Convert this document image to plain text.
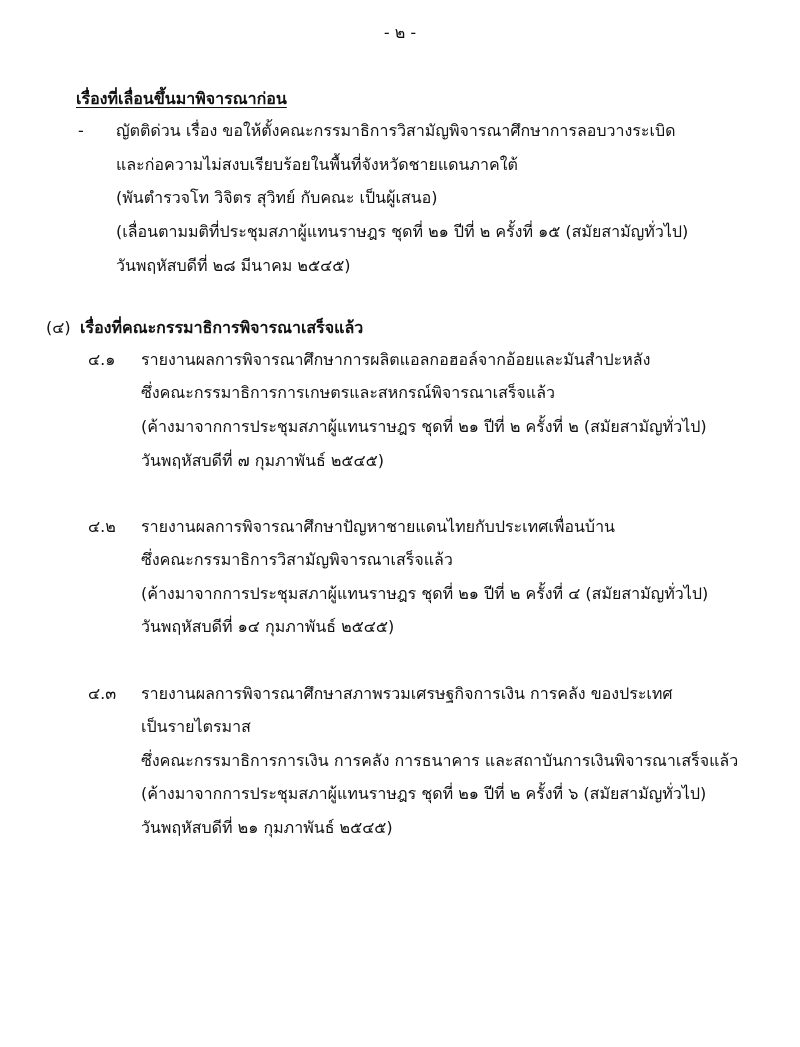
- ๒ -
เรื่องที่เลื่อนขึ้นมาพิจารณาก่อน
- ญัตติด่วน เรื่อง ขอให้ตั้งคณะกรรมาธิการวิสามัญพิจารณาศึกษาการลอบวางระเบิด
และก่อความไม่สงบเรียบร้อยในพื้นที่จังหวัดชายแดนภาคใต้
(พันตำรวจโท วิจิตร สุวิทย์ กับคณะ เป็นผู้เสนอ)
(เลื่อนตามมติที่ประชุมสภาผู้แทนราษฎร ชุดที่ ๒๑ ปีที่ ๒ ครั้งที่ ๑๕ (สมัยสามัญทั่วไป)
วันพฤหัสบดีที่ ๒๘ มีนาคม ๒๕๔๕)
(๔) เรื่องที่คณะกรรมาธิการพิจารณาเสร็จแล้ว
๔.๑ รายงานผลการพิจารณาศึกษาการผลิตแอลกอฮอล์จากอ้อยและมันสำปะหลัง
ซึ่งคณะกรรมาธิการการเกษตรและสหกรณ์พิจารณาเสร็จแล้ว
(ค้างมาจากการประชุมสภาผู้แทนราษฎร ชุดที่ ๒๑ ปีที่ ๒ ครั้งที่ ๒ (สมัยสามัญทั่วไป)
วันพฤหัสบดีที่ ๗ กุมภาพันธ์ ๒๕๔๕)
๔.๒ รายงานผลการพิจารณาศึกษาปัญหาชายแดนไทยกับประเทศเพื่อนบ้าน
ซึ่งคณะกรรมาธิการวิสามัญพิจารณาเสร็จแล้ว
(ค้างมาจากการประชุมสภาผู้แทนราษฎร ชุดที่ ๒๑ ปีที่ ๒ ครั้งที่ ๔ (สมัยสามัญทั่วไป)
วันพฤหัสบดีที่ ๑๔ กุมภาพันธ์ ๒๕๔๕)
๔.๓ รายงานผลการพิจารณาศึกษาสภาพรวมเศรษฐกิจการเงิน การคลัง ของประเทศ
เป็นรายไตรมาส
ซึ่งคณะกรรมาธิการการเงิน การคลัง การธนาคาร และสถาบันการเงินพิจารณาเสร็จแล้ว
(ค้างมาจากการประชุมสภาผู้แทนราษฎร ชุดที่ ๒๑ ปีที่ ๒ ครั้งที่ ๖ (สมัยสามัญทั่วไป)
วันพฤหัสบดีที่ ๒๑ กุมภาพันธ์ ๒๕๔๕)
